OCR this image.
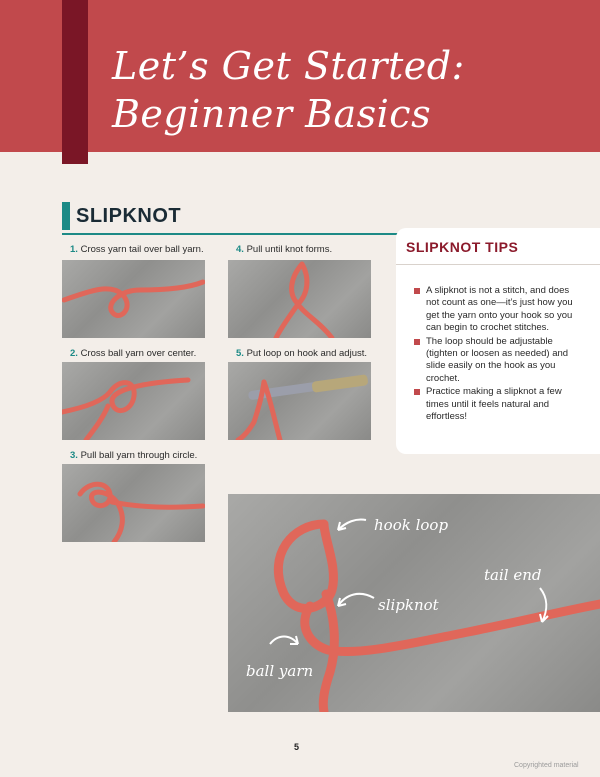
Let’s Get Started:
Beginner Basics
SLIPKNOT
1. Cross yarn tail over ball yarn.
2. Cross ball yarn over center.
3. Pull ball yarn through circle.
4. Pull until knot forms.
5. Put loop on hook and adjust.
SLIPKNOT TIPS
A slipknot is not a stitch, and does not count as one—it’s just how you get the yarn onto your hook so you can begin to crochet stitches.
The loop should be adjustable (tighten or loosen as needed) and slide easily on the hook as you crochet.
Practice making a slipknot a few times until it feels natural and effortless!
hook loop
tail end
slipknot
ball yarn
5
Copyrighted material
